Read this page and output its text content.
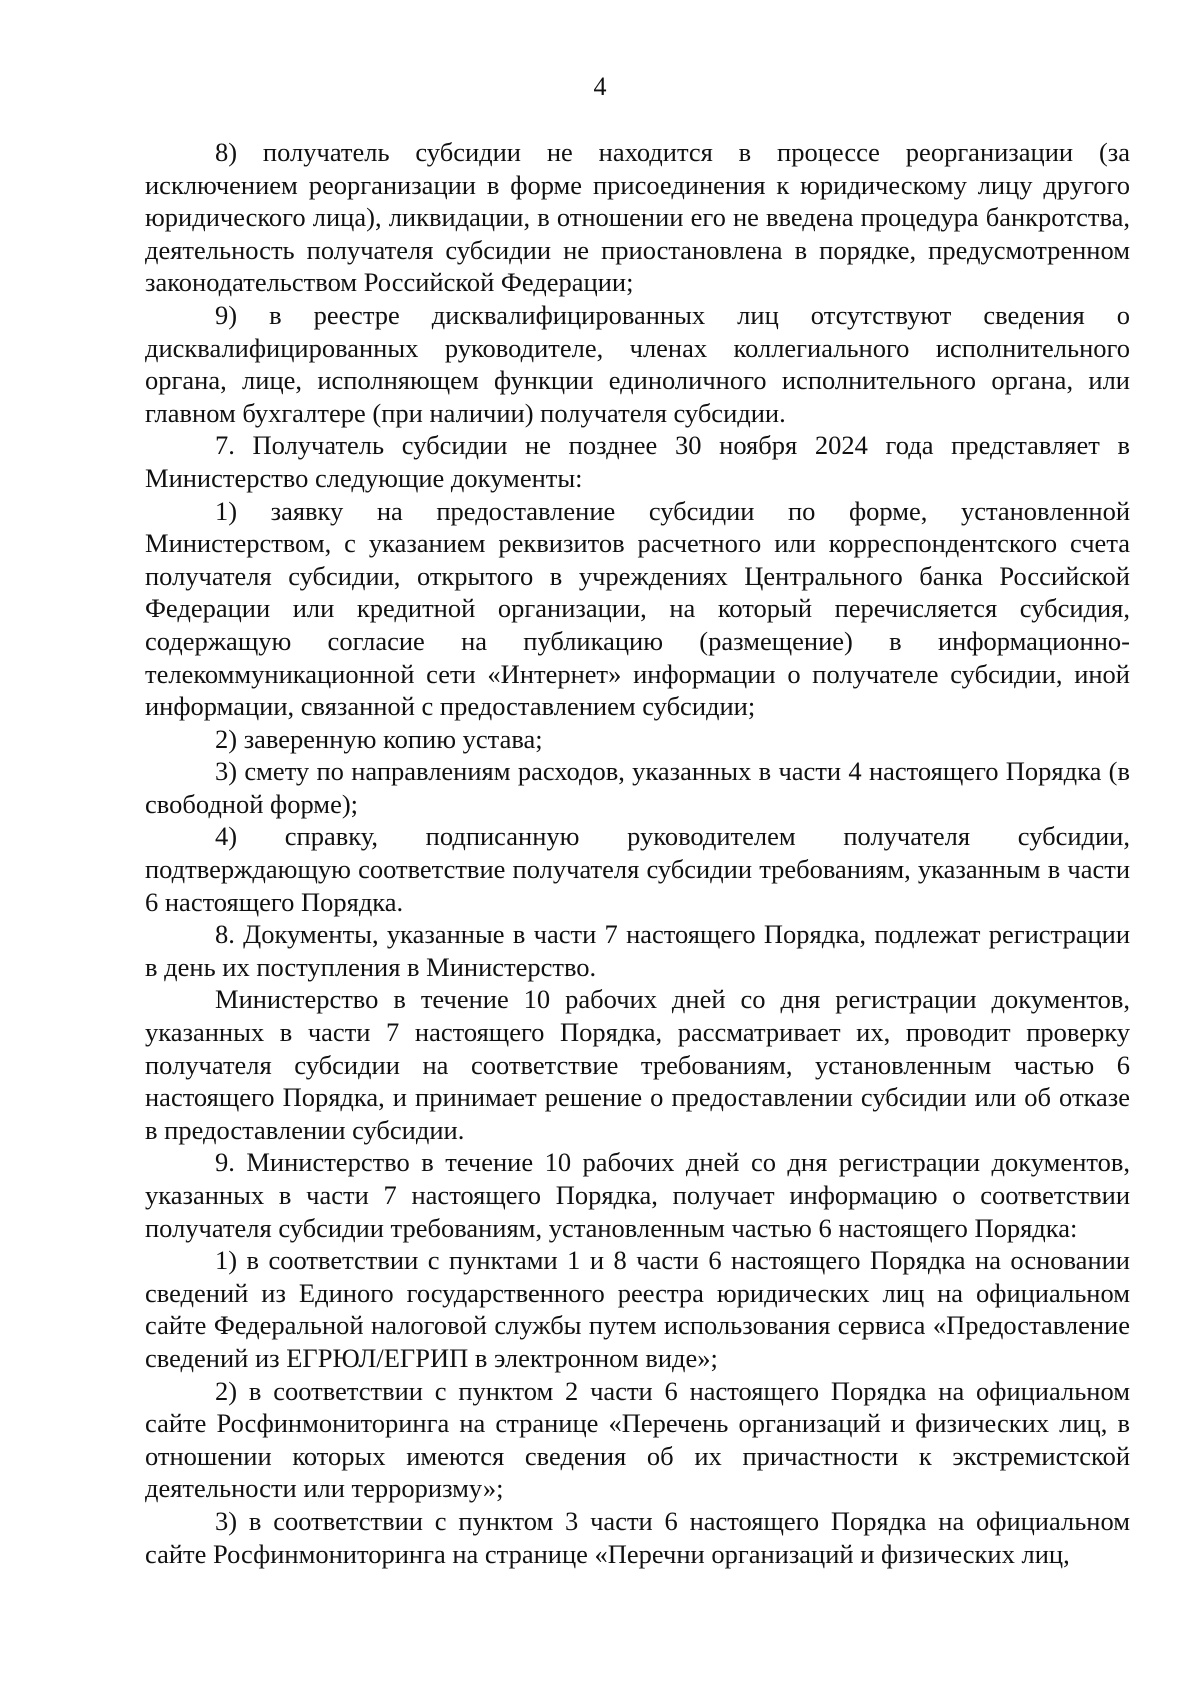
4

8) получатель субсидии не находится в процессе реорганизации (за исключением реорганизации в форме присоединения к юридическому лицу другого юридического лица), ликвидации, в отношении его не введена процедура банкротства, деятельность получателя субсидии не приостановлена в порядке, предусмотренном законодательством Российской Федерации;

9) в реестре дисквалифицированных лиц отсутствуют сведения о дисквалифицированных руководителе, членах коллегиального исполнительного органа, лице, исполняющем функции единоличного исполнительного органа, или главном бухгалтере (при наличии) получателя субсидии.

7. Получатель субсидии не позднее 30 ноября 2024 года представляет в Министерство следующие документы:

1) заявку на предоставление субсидии по форме, установленной Министерством, с указанием реквизитов расчетного или корреспондентского счета получателя субсидии, открытого в учреждениях Центрального банка Российской Федерации или кредитной организации, на который перечисляется субсидия, содержащую согласие на публикацию (размещение) в информационно-телекоммуникационной сети «Интернет» информации о получателе субсидии, иной информации, связанной с предоставлением субсидии;

2) заверенную копию устава;

3) смету по направлениям расходов, указанных в части 4 настоящего Порядка (в свободной форме);

4) справку, подписанную руководителем получателя субсидии, подтверждающую соответствие получателя субсидии требованиям, указанным в части 6 настоящего Порядка.

8. Документы, указанные в части 7 настоящего Порядка, подлежат регистрации в день их поступления в Министерство.

Министерство в течение 10 рабочих дней со дня регистрации документов, указанных в части 7 настоящего Порядка, рассматривает их, проводит проверку получателя субсидии на соответствие требованиям, установленным частью 6 настоящего Порядка, и принимает решение о предоставлении субсидии или об отказе в предоставлении субсидии.

9. Министерство в течение 10 рабочих дней со дня регистрации документов, указанных в части 7 настоящего Порядка, получает информацию о соответствии получателя субсидии требованиям, установленным частью 6 настоящего Порядка:

1) в соответствии с пунктами 1 и 8 части 6 настоящего Порядка на основании сведений из Единого государственного реестра юридических лиц на официальном сайте Федеральной налоговой службы путем использования сервиса «Предоставление сведений из ЕГРЮЛ/ЕГРИП в электронном виде»;

2) в соответствии с пунктом 2 части 6 настоящего Порядка на официальном сайте Росфинмониторинга на странице «Перечень организаций и физических лиц, в отношении которых имеются сведения об их причастности к экстремистской деятельности или терроризму»;

3) в соответствии с пунктом 3 части 6 настоящего Порядка на официальном сайте Росфинмониторинга на странице «Перечни организаций и физических лиц,
